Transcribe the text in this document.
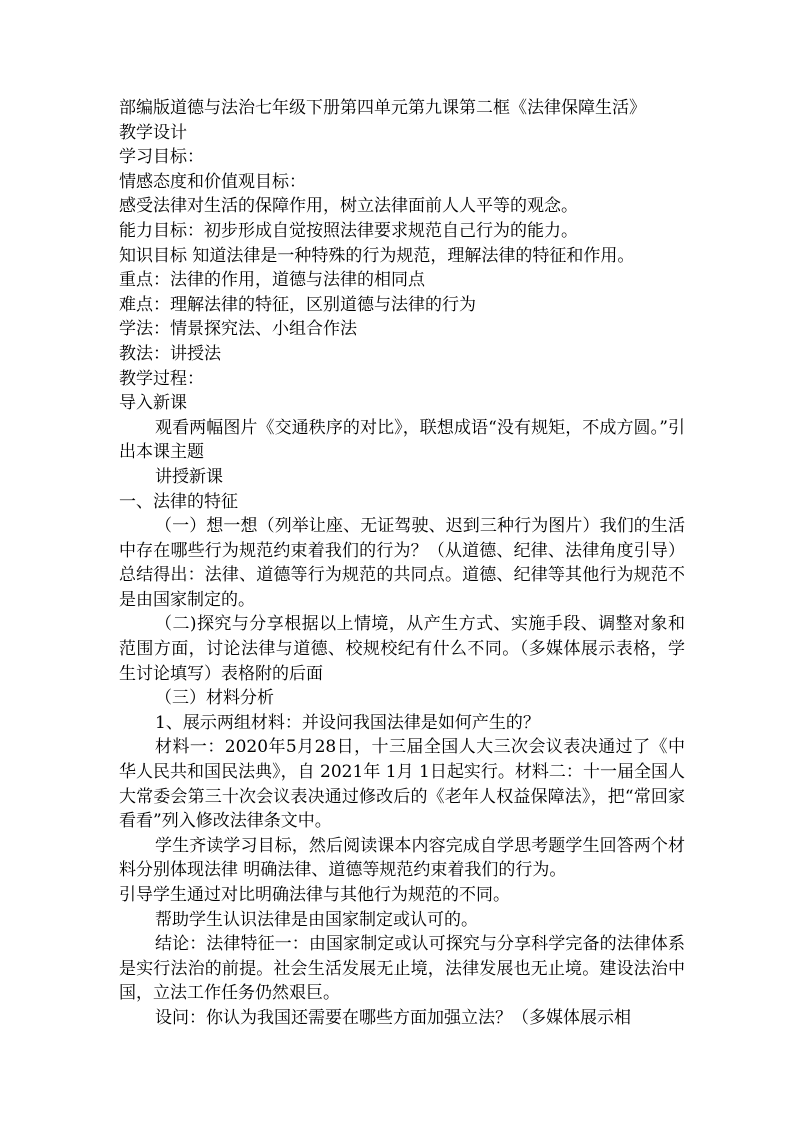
部编版道德与法治七年级下册第四单元第九课第二框《法律保障生活》
教学设计
学习目标：
情感态度和价值观目标：
感受法律对生活的保障作用，树立法律面前人人平等的观念。
能力目标：初步形成自觉按照法律要求规范自己行为的能力。
知识目标 知道法律是一种特殊的行为规范，理解法律的特征和作用。
重点：法律的作用，道德与法律的相同点
难点：理解法律的特征，区别道德与法律的行为
学法：情景探究法、小组合作法
教法：讲授法
教学过程：
导入新课
观看两幅图片《交通秩序的对比》，联想成语“没有规矩，不成方圆。”引出本课主题
讲授新课
一、法律的特征
（一）想一想（列举让座、无证驾驶、迟到三种行为图片）我们的生活中存在哪些行为规范约束着我们的行为？（从道德、纪律、法律角度引导）总结得出：法律、道德等行为规范的共同点。道德、纪律等其他行为规范不是由国家制定的。
（二)探究与分享根据以上情境，从产生方式、实施手段、调整对象和范围方面，讨论法律与道德、校规校纪有什么不同。（多媒体展示表格，学生讨论填写）表格附的后面
（三）材料分析
1、展示两组材料：并设问我国法律是如何产生的？
材料一：2020年5月28日，十三届全国人大三次会议表决通过了《中华人民共和国民法典》，自 2021年 1月 1日起实行。材料二：十一届全国人大常委会第三十次会议表决通过修改后的《老年人权益保障法》，把“常回家看看”列入修改法律条文中。
学生齐读学习目标，然后阅读课本内容完成自学思考题学生回答两个材料分别体现法律 明确法律、道德等规范约束着我们的行为。
引导学生通过对比明确法律与其他行为规范的不同。
帮助学生认识法律是由国家制定或认可的。
结论：法律特征一：由国家制定或认可探究与分享科学完备的法律体系是实行法治的前提。社会生活发展无止境，法律发展也无止境。建设法治中国，立法工作任务仍然艰巨。
设问：你认为我国还需要在哪些方面加强立法？（多媒体展示相
